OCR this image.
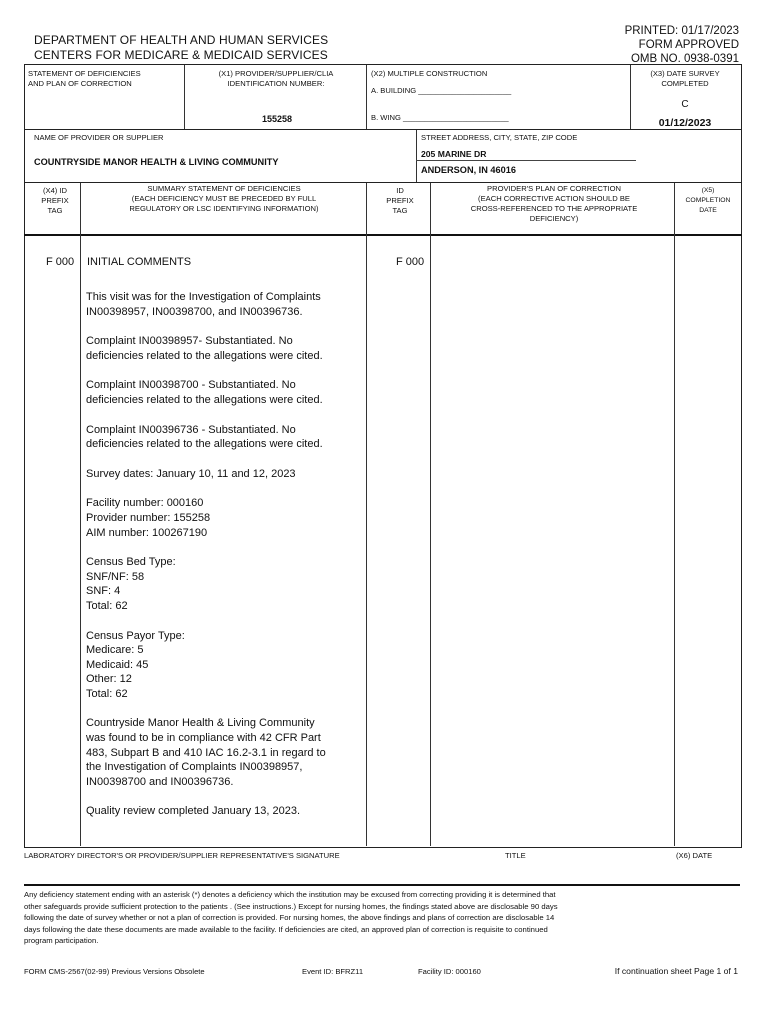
DEPARTMENT OF HEALTH AND HUMAN SERVICES
CENTERS FOR MEDICARE & MEDICAID SERVICES
PRINTED: 01/17/2023
FORM APPROVED
OMB NO. 0938-0391
STATEMENT OF DEFICIENCIES
AND PLAN OF CORRECTION
(X1) PROVIDER/SUPPLIER/CLIA
IDENTIFICATION NUMBER:
155258
(X2) MULTIPLE CONSTRUCTION
A. BUILDING ______________________
B. WING _________________________
(X3) DATE SURVEY
COMPLETED
C
01/12/2023
NAME OF PROVIDER OR SUPPLIER
COUNTRYSIDE MANOR HEALTH & LIVING COMMUNITY
STREET ADDRESS, CITY, STATE, ZIP CODE
205 MARINE DR
ANDERSON, IN 46016
(X4) ID
PREFIX
TAG
SUMMARY STATEMENT OF DEFICIENCIES
(EACH DEFICIENCY MUST BE PRECEDED BY FULL
REGULATORY OR LSC IDENTIFYING INFORMATION)
ID
PREFIX
TAG
PROVIDER'S PLAN OF CORRECTION
(EACH CORRECTIVE ACTION SHOULD BE
CROSS-REFERENCED TO THE APPROPRIATE
DEFICIENCY)
(X5)
COMPLETION
DATE
F 000	F 000
INITIAL COMMENTS

This visit was for the Investigation of Complaints
IN00398957, IN00398700, and IN00396736.

Complaint IN00398957- Substantiated. No
deficiencies related to the allegations were cited.

Complaint IN00398700 - Substantiated. No
deficiencies related to the allegations were cited.

Complaint IN00396736 - Substantiated. No
deficiencies related to the allegations were cited.

Survey dates: January 10, 11 and 12, 2023

Facility number: 000160
Provider number: 155258
AIM number: 100267190

Census Bed Type:
SNF/NF: 58
SNF: 4
Total: 62

Census Payor Type:
Medicare: 5
Medicaid: 45
Other: 12
Total: 62

Countryside Manor Health & Living Community
was found to be in compliance with 42 CFR Part
483, Subpart B and 410 IAC 16.2-3.1 in regard to
the Investigation of Complaints IN00398957,
IN00398700 and IN00396736.

Quality review completed January 13, 2023.

LABORATORY DIRECTOR'S OR PROVIDER/SUPPLIER REPRESENTATIVE'S SIGNATURE	TITLE	(X6) DATE
Any deficiency statement ending with an asterisk (*) denotes a deficiency which the institution may be excused from correcting providing it is determined that
other safeguards provide sufficient protection to the patients . (See instructions.) Except for nursing homes, the findings stated above are disclosable 90 days
following the date of survey whether or not a plan of correction is provided. For nursing homes, the above findings and plans of correction are disclosable 14
days following the date these documents are made available to the facility. If deficiencies are cited, an approved plan of correction is requisite to continued
program participation.
FORM CMS-2567(02-99) Previous Versions Obsolete	Event ID: BFRZ11	Facility ID: 000160	If continuation sheet Page 1 of 1
